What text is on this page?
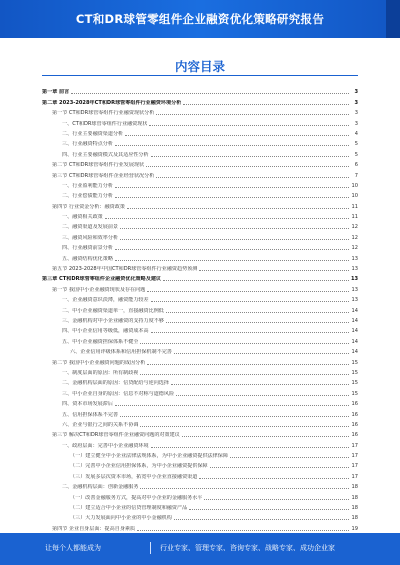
CT和DR球管零组件企业融资优化策略研究报告
内容目录
第一章 前言	3
第二章 2023-2028年CT和DR球管零组件行业融资环境分析	3
第一节 CT和DR球管零组件行业融资现状分析	3
一、CT和DR球管零组件行业融资现状	3
二、行业主要融资渠道分析	4
三、行业融资特点分析	5
四、行业主要融资模式及其适应性分析	5
第二节 CT和DR球管零组件行业发展现状	6
第三节 CT和DR球管零组件企业经营状况分析	7
一、行业盈利能力分析	10
二、行业偿债能力分析	10
第四节 行业资金分析：融资政策	11
一、融资相关政策	11
二、融资渠道及发展前景	12
三、融资风险和效率分析	12
四、行业融资前景分析	12
五、融资结构优化策略	13
第五节 2023-2028年中国CT和DR球管零组件行业融资趋势预测	13
第三章 CT和DR球管零组件企业融资优化策略及建议	13
第一节 我国中小企业融资现状及存在问题	13
一、企业融资意识淡薄，融资能力较差	13
二、中小企业融资渠道单一，直接融资比例低	14
三、金融机构对中小企业融资的支持力度不够	14
四、中小企业信用等级低，融资成本高	14
五、中小企业融资担保体系不健全	14
六、企业信用评级体系和信用担保机制不完善	14
第二节 我国中小企业融资问题的成因分析	15
一、制度层面的原因：所有制歧视	15
二、金融机构层面的原因：信贷配给与逆向选择	15
三、中小企业自身的原因：信息不对称与道德风险	15
四、资本市场发展滞后	16
五、信用担保体系不完善	16
六、企业与银行之间的关系不协调	16
第三节 解决CT和DR球管零组件企业融资问题的对策建议	16
一、政府层面：完善中小企业融资环境	17
（一）建立健全中小企业法律法规体系，为中小企业融资提供法律保障	17
（二）完善中小企业信用担保体系，为中小企业融资提供保障	17
（三）发展多层次资本市场，拓宽中小企业直接融资渠道	17
二、金融机构层面：创新金融服务	18
（一）改善金融服务方式，提高对中小企业的金融服务水平	18
（二）建立适合中小企业的信贷管理制度和融资产品	18
（三）大力发展面向中小企业的中小金融机构	18
第四节 企业自身层面：提高自身素质	19
让每个人都能成为	行业专家、管理专家、咨询专家、战略专家、成功企业家
